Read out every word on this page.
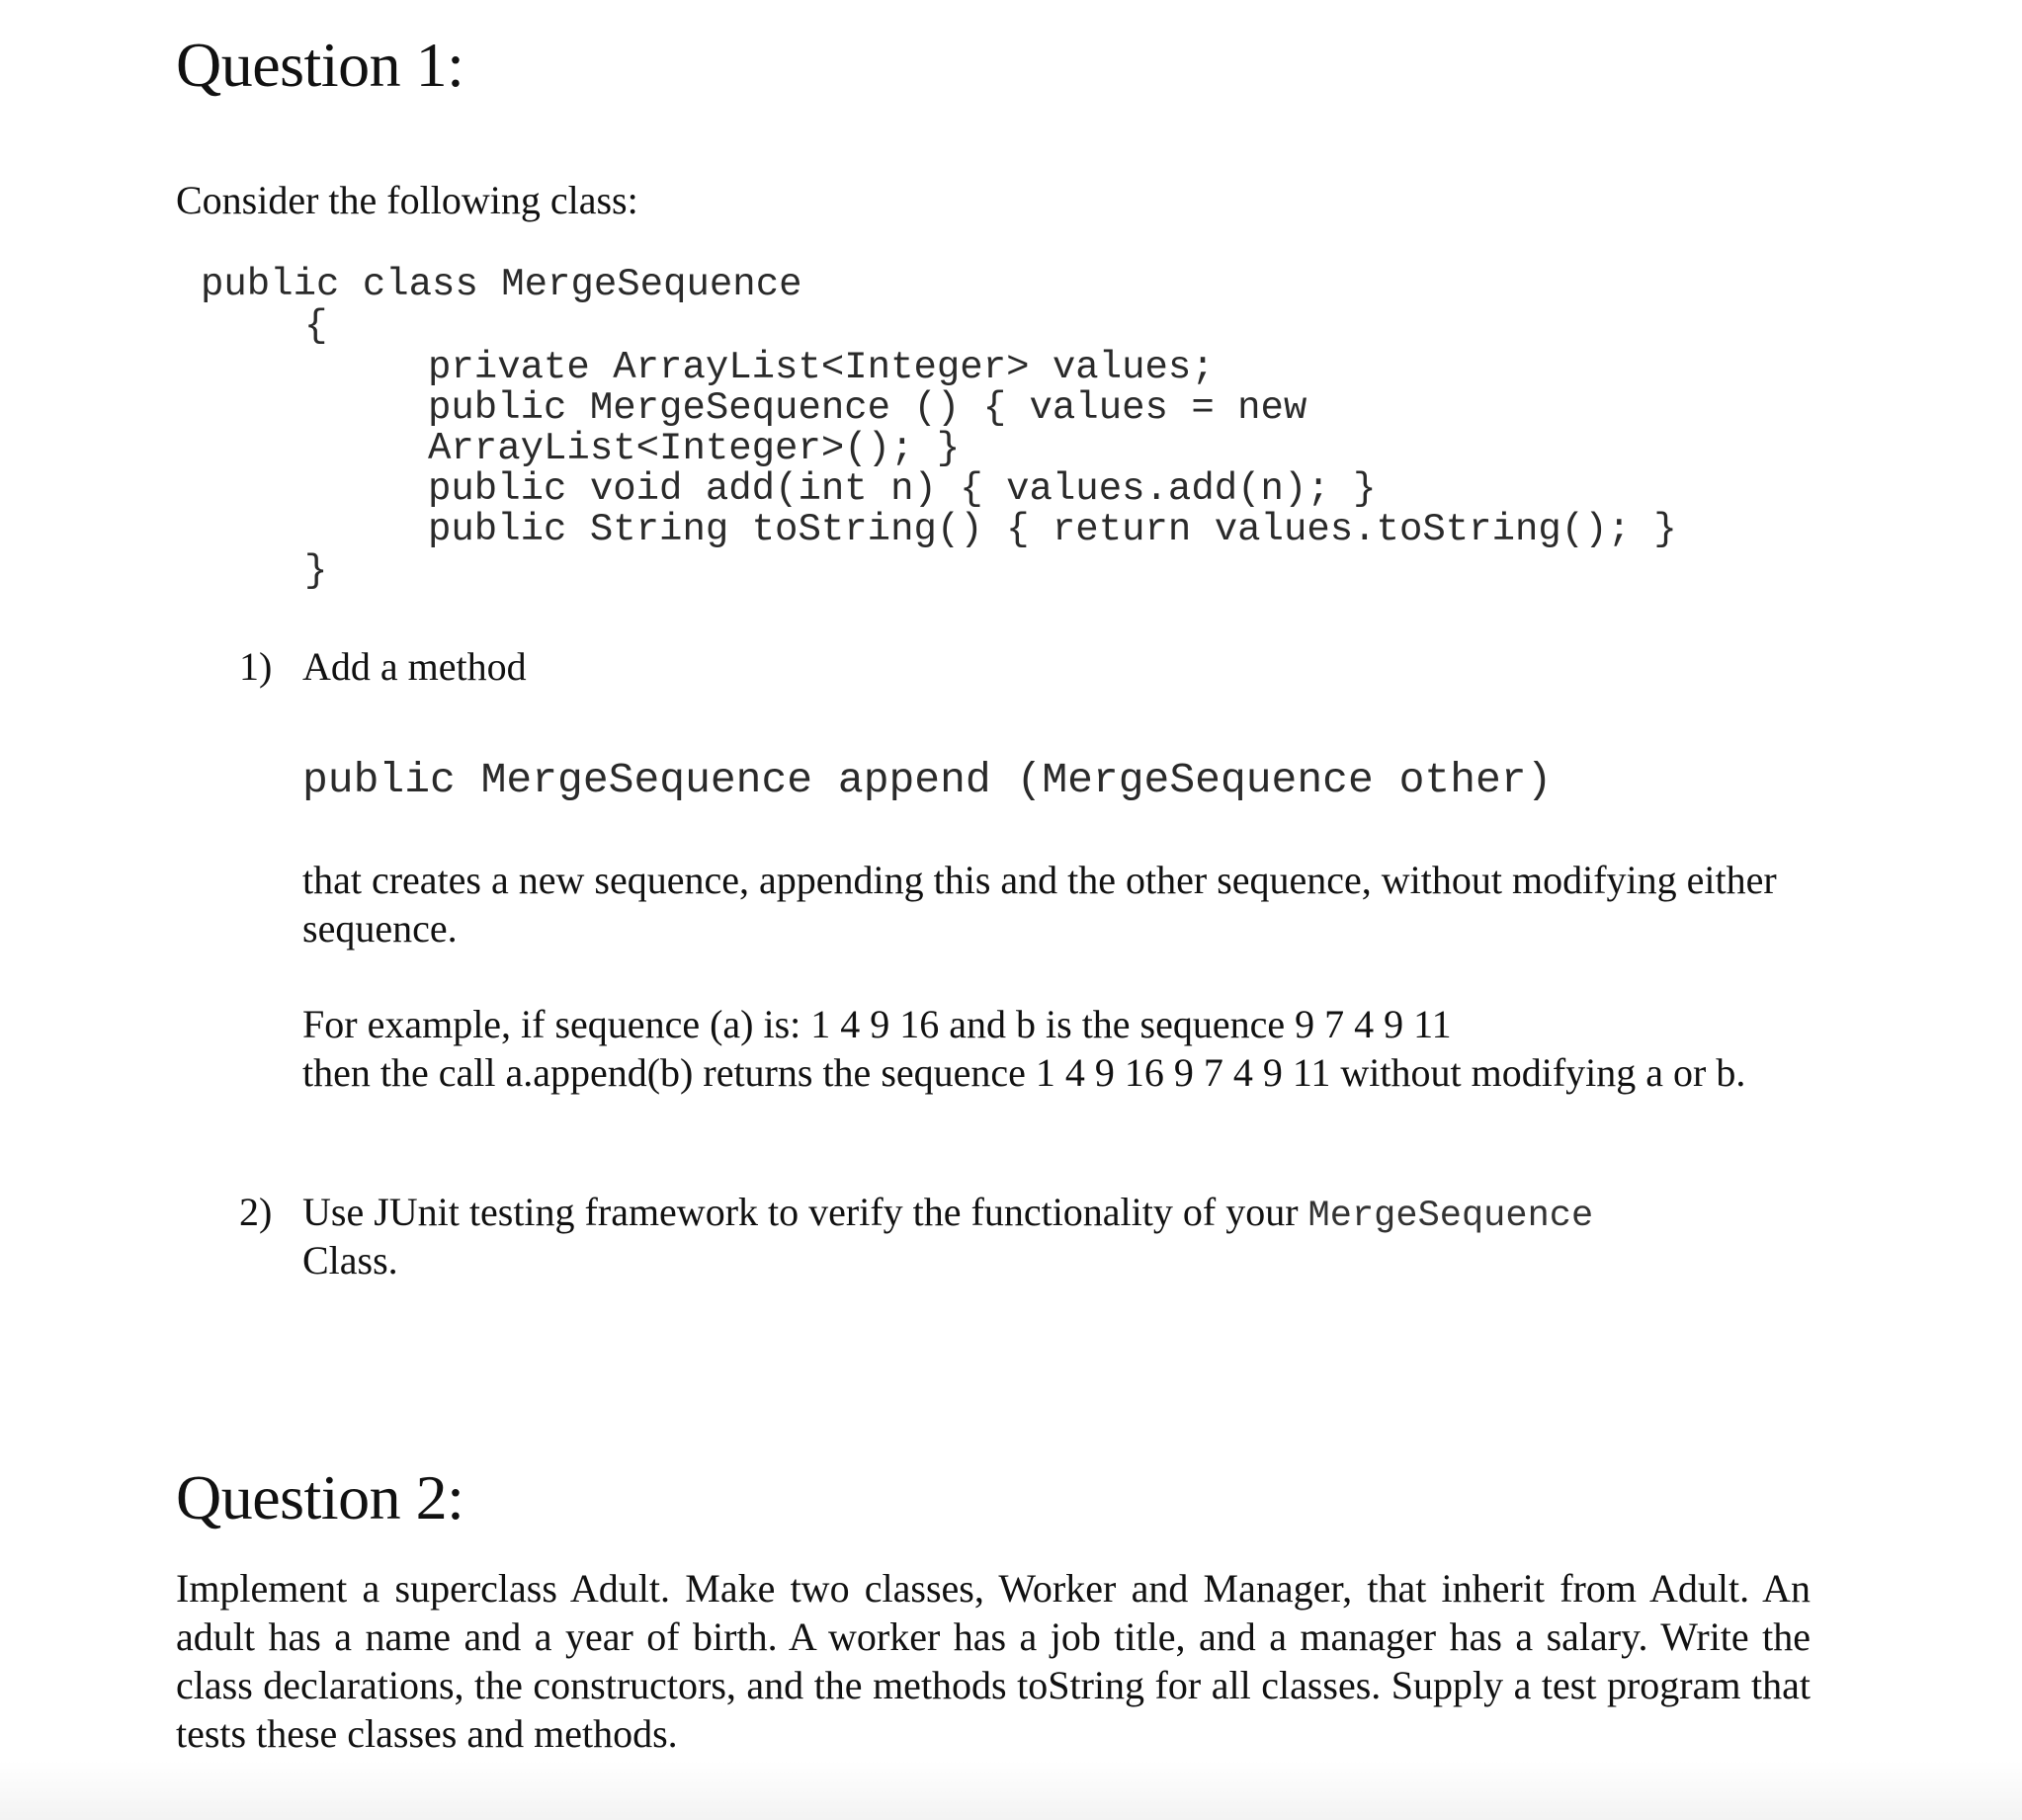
Question 1:
Consider the following class:
public class MergeSequence
{
private ArrayList<Integer> values;
public MergeSequence () { values = new
ArrayList<Integer>(); }
public void add(int n) { values.add(n); }
public String toString() { return values.toString(); }
}
1) Add a method
public MergeSequence append (MergeSequence other)
that creates a new sequence, appending this and the other sequence, without modifying either sequence.
For example, if sequence (a) is: 1 4 9 16 and b is the sequence 9 7 4 9 11
then the call a.append(b) returns the sequence 1 4 9 16 9 7 4 9 11 without modifying a or b.
2) Use JUnit testing framework to verify the functionality of your MergeSequence
Class.
Question 2:
Implement a superclass Adult. Make two classes, Worker and Manager, that inherit from Adult. An adult has a name and a year of birth. A worker has a job title, and a manager has a salary. Write the class declarations, the constructors, and the methods toString for all classes. Supply a test program that tests these classes and methods.
